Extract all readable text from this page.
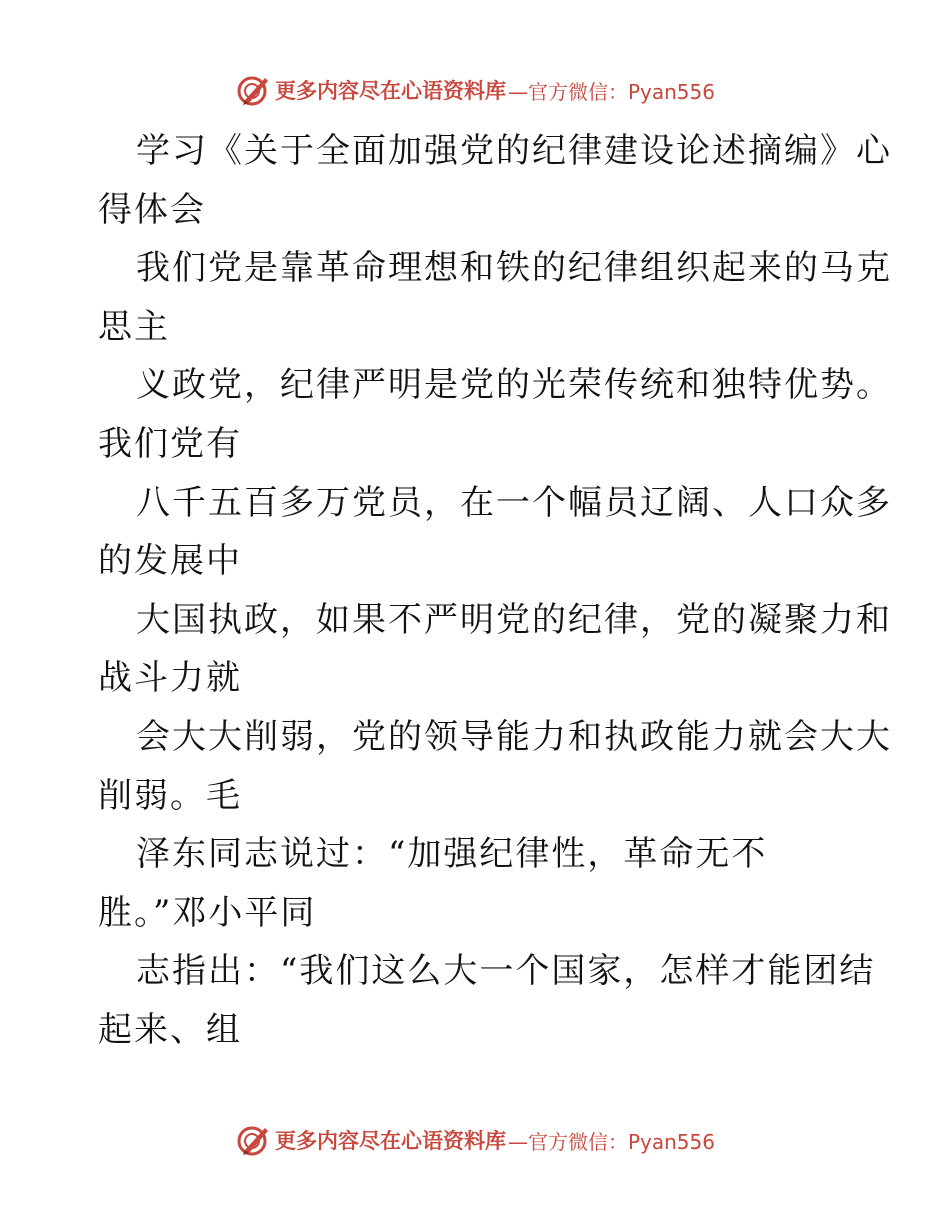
更多内容尽在心语资料库 —官方微信：Pyan556
学习《关于全面加强党的纪律建设论述摘编》心
得体会
我们党是靠革命理想和铁的纪律组织起来的马克
思主
义政党，纪律严明是党的光荣传统和独特优势。
我们党有
八千五百多万党员，在一个幅员辽阔、人口众多
的发展中
大国执政，如果不严明党的纪律，党的凝聚力和
战斗力就
会大大削弱，党的领导能力和执政能力就会大大
削弱。毛
泽东同志说过：“加强纪律性，革命无不
胜。”邓小平同
志指出：“我们这么大一个国家，怎样才能团结
起来、组
更多内容尽在心语资料库 —官方微信：Pyan556
